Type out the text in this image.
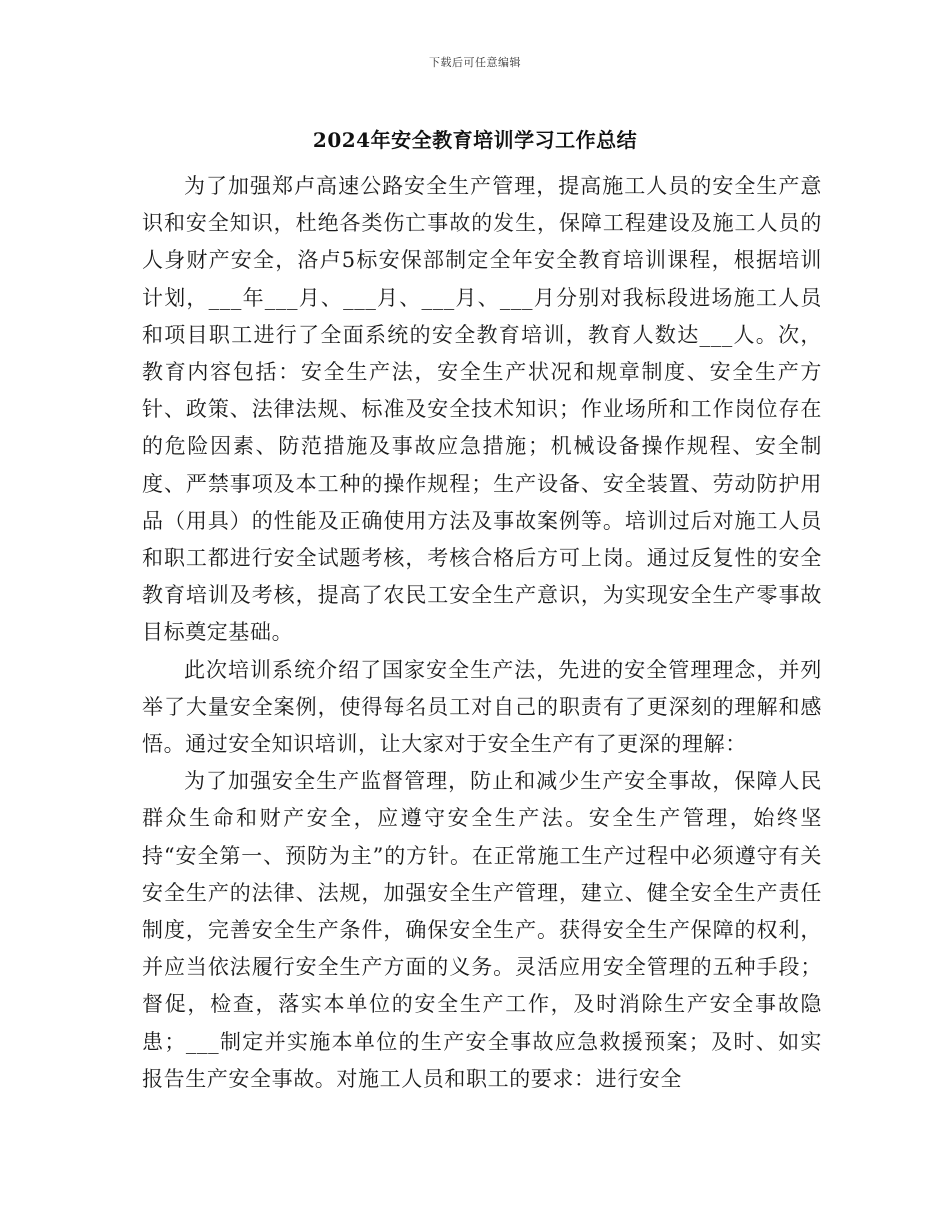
下载后可任意编辑
2024年安全教育培训学习工作总结

为了加强郑卢高速公路安全生产管理，提高施工人员的安全生产意识和安全知识，杜绝各类伤亡事故的发生，保障工程建设及施工人员的人身财产安全，洛卢5标安保部制定全年安全教育培训课程，根据培训计划，___年___月、___月、___月、___月分别对我标段进场施工人员和项目职工进行了全面系统的安全教育培训，教育人数达___人。次，教育内容包括：安全生产法，安全生产状况和规章制度、安全生产方针、政策、法律法规、标准及安全技术知识；作业场所和工作岗位存在的危险因素、防范措施及事故应急措施；机械设备操作规程、安全制度、严禁事项及本工种的操作规程；生产设备、安全装置、劳动防护用品（用具）的性能及正确使用方法及事故案例等。培训过后对施工人员和职工都进行安全试题考核，考核合格后方可上岗。通过反复性的安全教育培训及考核，提高了农民工安全生产意识，为实现安全生产零事故目标奠定基础。

此次培训系统介绍了国家安全生产法，先进的安全管理理念，并列举了大量安全案例，使得每名员工对自己的职责有了更深刻的理解和感悟。通过安全知识培训，让大家对于安全生产有了更深的理解：

为了加强安全生产监督管理，防止和减少生产安全事故，保障人民群众生命和财产安全，应遵守安全生产法。安全生产管理，始终坚持“安全第一、预防为主”的方针。在正常施工生产过程中必须遵守有关安全生产的法律、法规，加强安全生产管理，建立、健全安全生产责任制度，完善安全生产条件，确保安全生产。获得安全生产保障的权利，并应当依法履行安全生产方面的义务。灵活应用安全管理的五种手段；督促，检查，落实本单位的安全生产工作，及时消除生产安全事故隐患；___制定并实施本单位的生产安全事故应急救援预案；及时、如实报告生产安全事故。对施工人员和职工的要求：进行安全
